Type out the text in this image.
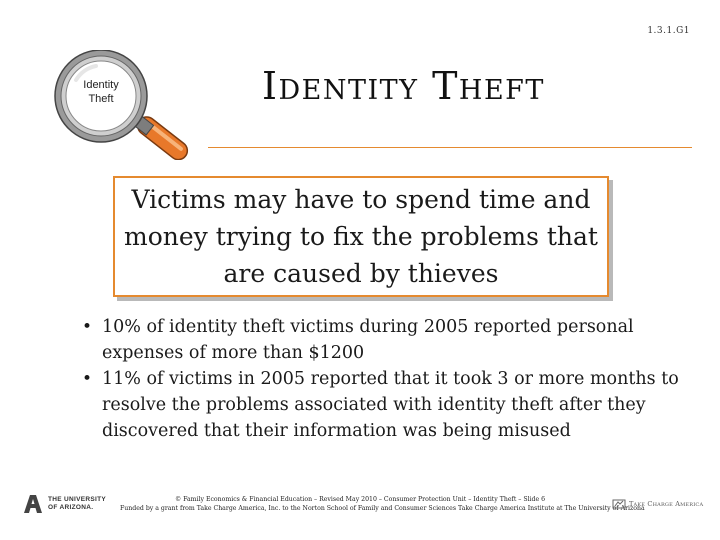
1.3.1.G1
Identity
Theft	Identity Theft
Victims may have to spend time and money trying to fix the problems that are caused by thieves
• 10% of identity theft victims during 2005 reported personal expenses of more than $1200
• 11% of victims in 2005 reported that it took 3 or more months to resolve the problems associated with identity theft after they discovered that their information was being misused
THE UNIVERSITY
OF ARIZONA.
© Family Economics & Financial Education – Revised May 2010 – Consumer Protection Unit – Identity Theft – Slide 6
Funded by a grant from Take Charge America, Inc. to the Norton School of Family and Consumer Sciences Take Charge America Institute at The University of Arizona
Take Charge America
